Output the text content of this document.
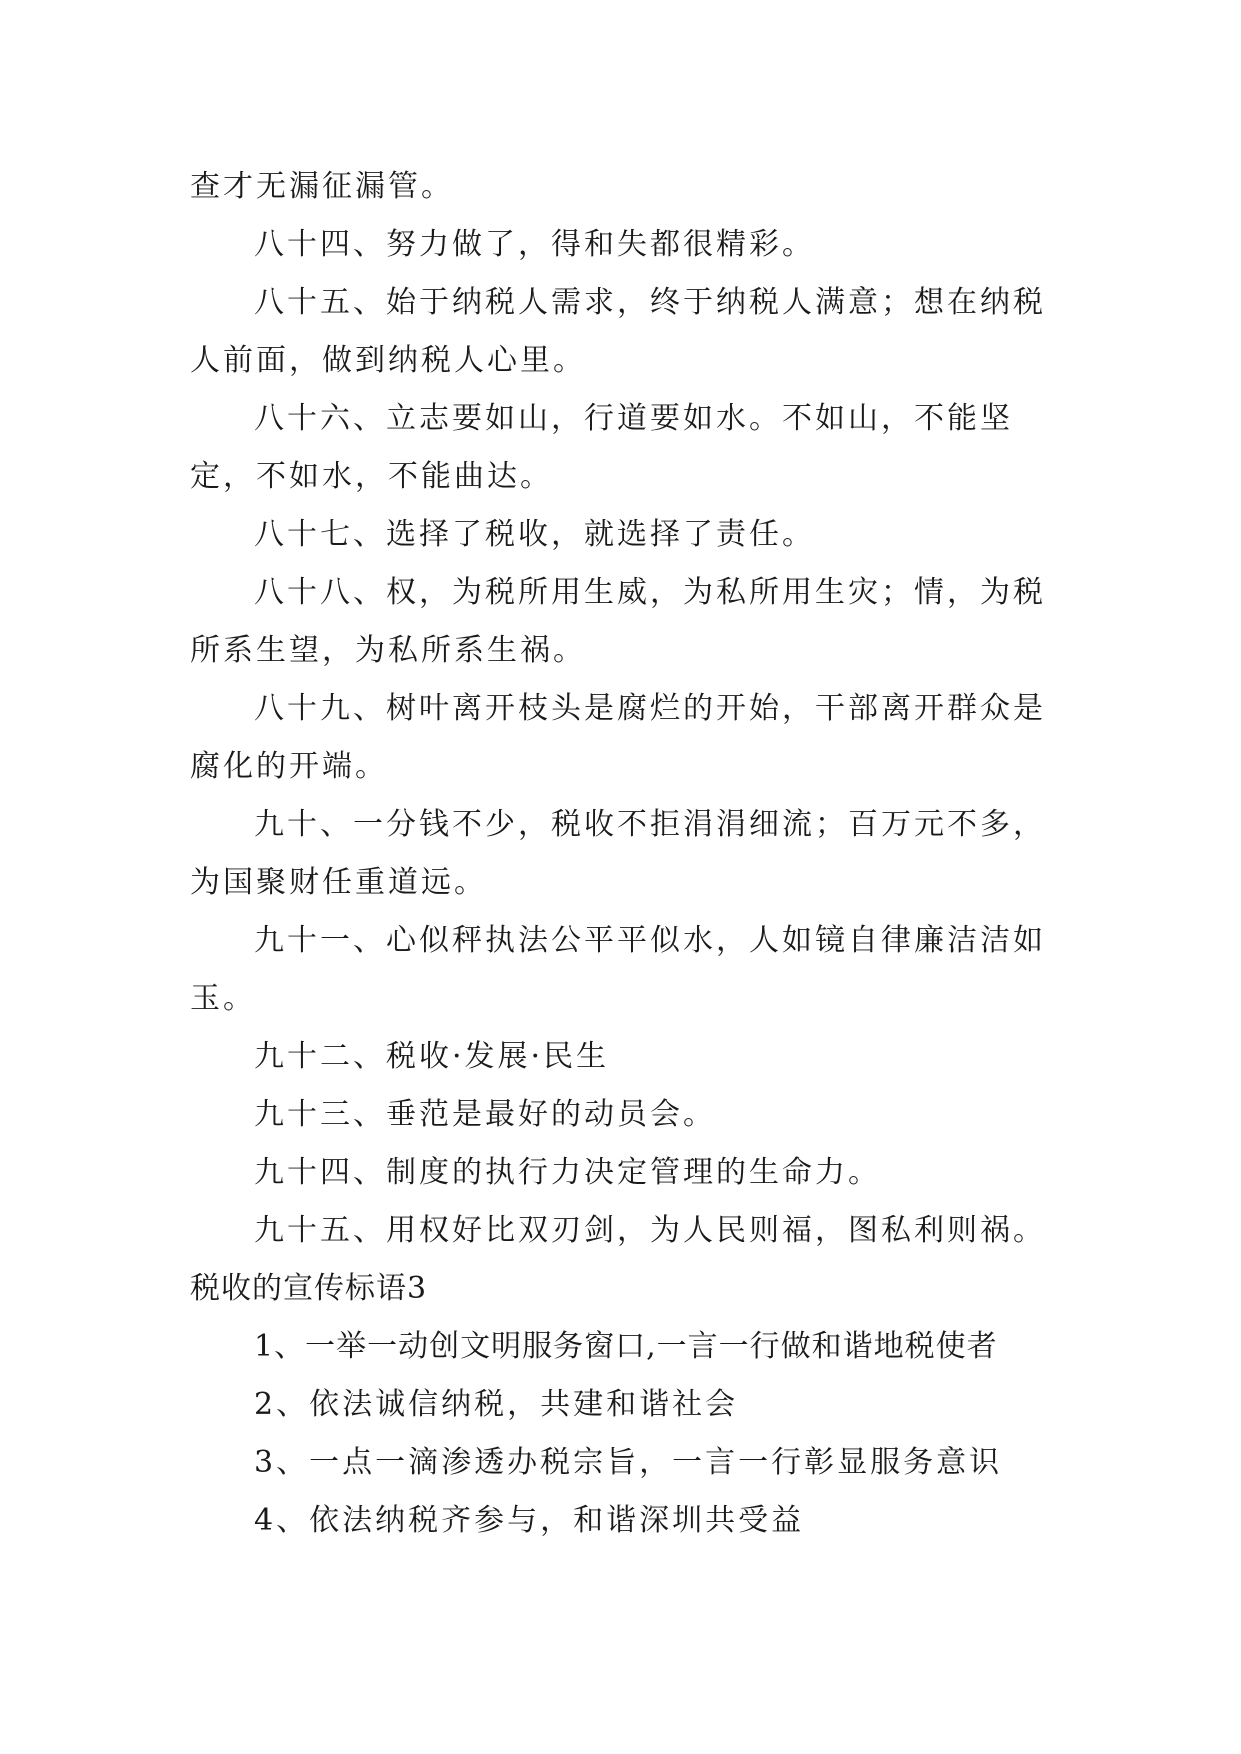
查才无漏征漏管。

八十四、努力做了，得和失都很精彩。

八十五、始于纳税人需求，终于纳税人满意；想在纳税人前面，做到纳税人心里。

八十六、立志要如山，行道要如水。不如山，不能坚定，不如水，不能曲达。

八十七、选择了税收，就选择了责任。

八十八、权，为税所用生威，为私所用生灾；情，为税所系生望，为私所系生祸。

八十九、树叶离开枝头是腐烂的开始，干部离开群众是腐化的开端。

九十、一分钱不少，税收不拒涓涓细流；百万元不多，为国聚财任重道远。

九十一、心似秤执法公平平似水，人如镜自律廉洁洁如玉。

九十二、税收·发展·民生

九十三、垂范是最好的动员会。

九十四、制度的执行力决定管理的生命力。

九十五、用权好比双刃剑，为人民则福，图私利则祸。

税收的宣传标语3

1、一举一动创文明服务窗口,一言一行做和谐地税使者

2、依法诚信纳税，共建和谐社会

3、一点一滴渗透办税宗旨，一言一行彰显服务意识

4、依法纳税齐参与，和谐深圳共受益
